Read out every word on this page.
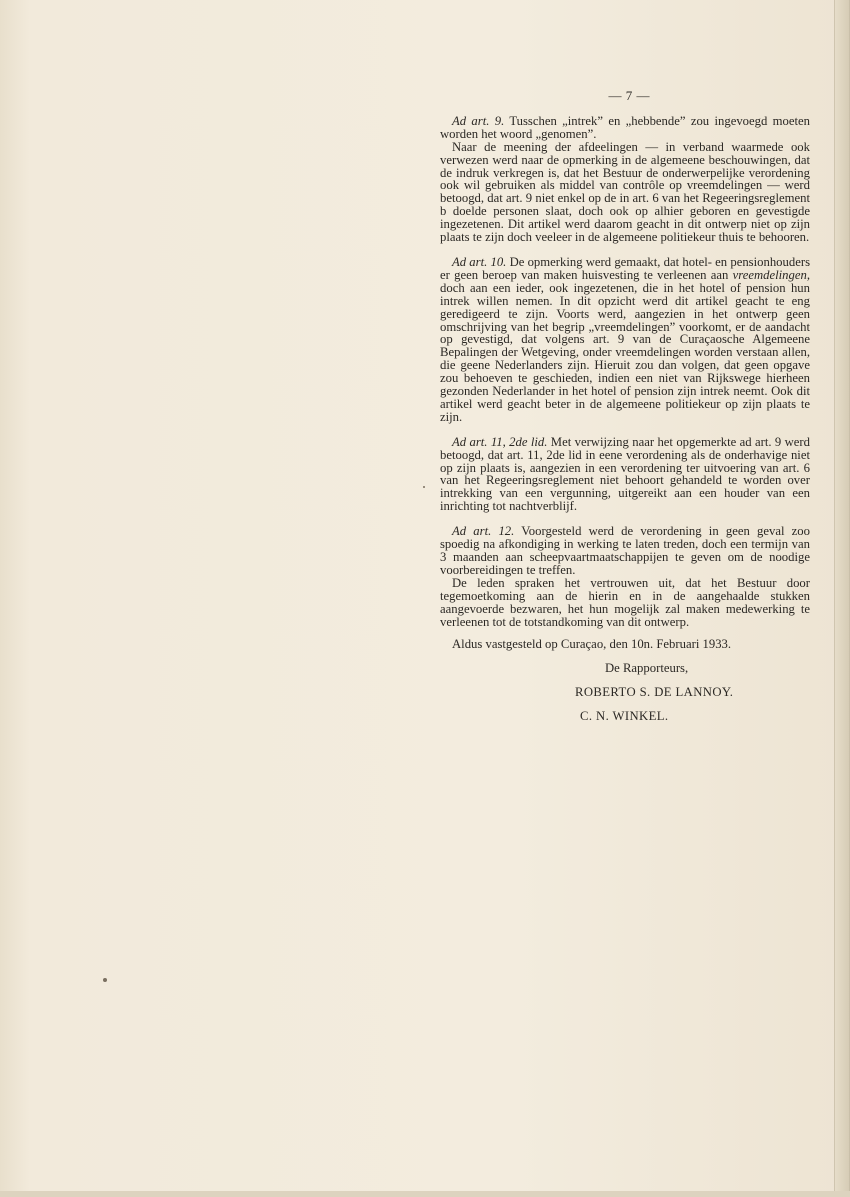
— 7 —

Ad art. 9. Tusschen „intrek” en „hebbende” zou ingevoegd moeten worden het woord „genomen”.

Naar de meening der afdeelingen — in verband waarmede ook verwezen werd naar de opmerking in de algemeene beschouwingen, dat de indruk verkregen is, dat het Bestuur de onderwerpelijke verordening ook wil gebruiken als middel van contrôle op vreemdelingen — werd betoogd, dat art. 9 niet enkel op de in art. 6 van het Regeeringsreglement b doelde personen slaat, doch ook op alhier geboren en gevestigde ingezetenen. Dit artikel werd daarom geacht in dit ontwerp niet op zijn plaats te zijn doch veeleer in de algemeene politiekeur thuis te behooren.

Ad art. 10. De opmerking werd gemaakt, dat hotel- en pensionhouders er geen beroep van maken huisvesting te verleenen aan vreemdelingen, doch aan een ieder, ook ingezetenen, die in het hotel of pension hun intrek willen nemen. In dit opzicht werd dit artikel geacht te eng geredigeerd te zijn. Voorts werd, aangezien in het ontwerp geen omschrijving van het begrip „vreemdelingen” voorkomt, er de aandacht op gevestigd, dat volgens art. 9 van de Curaçaosche Algemeene Bepalingen der Wetgeving, onder vreemdelingen worden verstaan allen, die geene Nederlanders zijn. Hieruit zou dan volgen, dat geen opgave zou behoeven te geschieden, indien een niet van Rijkswege hierheen gezonden Nederlander in het hotel of pension zijn intrek neemt. Ook dit artikel werd geacht beter in de algemeene politiekeur op zijn plaats te zijn.

Ad art. 11, 2de lid. Met verwijzing naar het opgemerkte ad art. 9 werd betoogd, dat art. 11, 2de lid in eene verordening als de onderhavige niet op zijn plaats is, aangezien in een verordening ter uitvoering van art. 6 van het Regeeringsreglement niet behoort gehandeld te worden over intrekking van een vergunning, uitgereikt aan een houder van een inrichting tot nachtverblijf.

Ad art. 12. Voorgesteld werd de verordening in geen geval zoo spoedig na afkondiging in werking te laten treden, doch een termijn van 3 maanden aan scheepvaartmaatschappijen te geven om de noodige voorbereidingen te treffen.

De leden spraken het vertrouwen uit, dat het Bestuur door tegemoetkoming aan de hierin en in de aangehaalde stukken aangevoerde bezwaren, het hun mogelijk zal maken medewerking te verleenen tot de totstandkoming van dit ontwerp.

Aldus vastgesteld op Curaçao, den 10n. Februari 1933.
De Rapporteurs,
ROBERTO S. DE LANNOY.
C. N. WINKEL.
